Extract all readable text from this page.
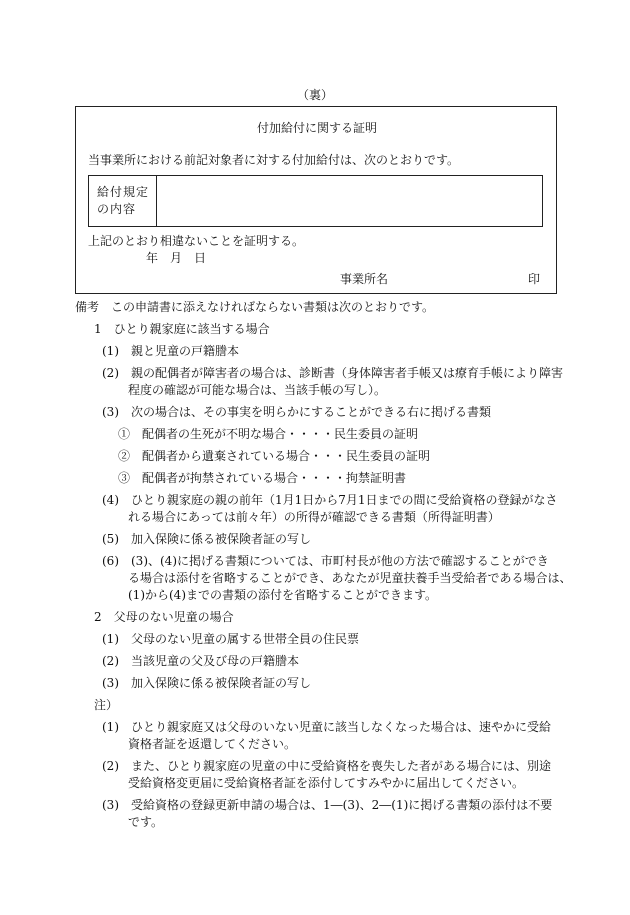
（裏）
付加給付に関する証明
当事業所における前記対象者に対する付加給付は、次のとおりです。
給付規定
の内容
上記のとおり相違ないことを証明する。
年　月　日
事業所名	印
備考　この申請書に添えなければならない書類は次のとおりです。
1　ひとり親家庭に該当する場合
(1)　親と児童の戸籍謄本
(2)　親の配偶者が障害者の場合は、診断書（身体障害者手帳又は療育手帳により障害
程度の確認が可能な場合は、当該手帳の写し）。
(3)　次の場合は、その事実を明らかにすることができる右に掲げる書類
①　配偶者の生死が不明な場合・・・・民生委員の証明
②　配偶者から遺棄されている場合・・・民生委員の証明
③　配偶者が拘禁されている場合・・・・拘禁証明書
(4)　ひとり親家庭の親の前年（1月1日から7月1日までの間に受給資格の登録がなさ
れる場合にあっては前々年）の所得が確認できる書類（所得証明書）
(5)　加入保険に係る被保険者証の写し
(6)　(3)、(4)に掲げる書類については、市町村長が他の方法で確認することができ
る場合は添付を省略することができ、あなたが児童扶養手当受給者である場合は、
(1)から(4)までの書類の添付を省略することができます。
2　父母のない児童の場合
(1)　父母のない児童の属する世帯全員の住民票
(2)　当該児童の父及び母の戸籍謄本
(3)　加入保険に係る被保険者証の写し
注）
(1)　ひとり親家庭又は父母のいない児童に該当しなくなった場合は、速やかに受給
資格者証を返還してください。
(2)　また、ひとり親家庭の児童の中に受給資格を喪失した者がある場合には、別途
受給資格変更届に受給資格者証を添付してすみやかに届出してください。
(3)　受給資格の登録更新申請の場合は、1―(3)、2―(1)に掲げる書類の添付は不要
です。
